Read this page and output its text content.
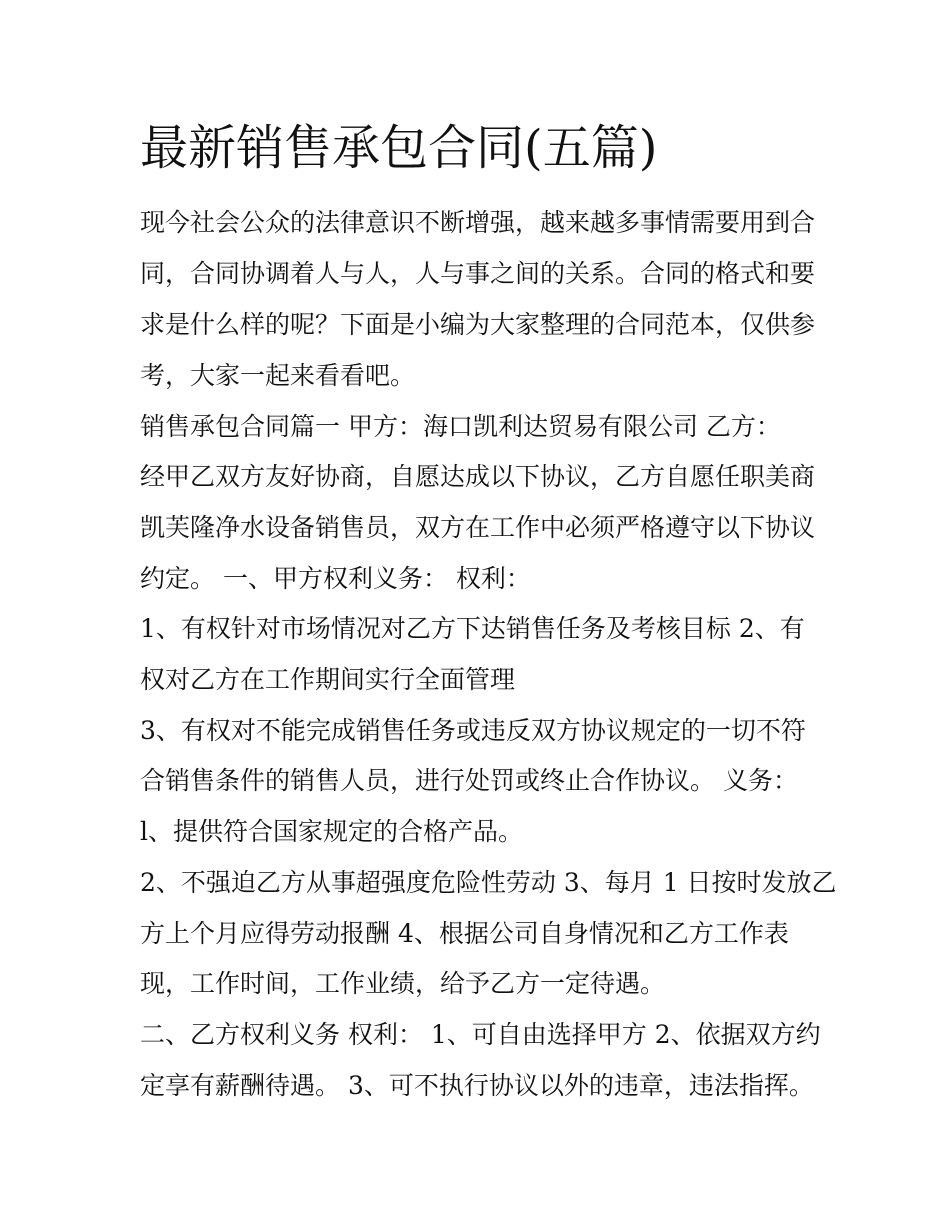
最新销售承包合同(五篇)

现今社会公众的法律意识不断增强，越来越多事情需要用到合

同，合同协调着人与人，人与事之间的关系。合同的格式和要

求是什么样的呢？下面是小编为大家整理的合同范本，仅供参

考，大家一起来看看吧。

销售承包合同篇一 甲方：海口凯利达贸易有限公司 乙方：

经甲乙双方友好协商，自愿达成以下协议，乙方自愿任职美商

凯芙隆净水设备销售员，双方在工作中必须严格遵守以下协议

约定。 一、甲方权利义务： 权利：

1、有权针对市场情况对乙方下达销售任务及考核目标 2、有

权对乙方在工作期间实行全面管理

3、有权对不能完成销售任务或违反双方协议规定的一切不符

合销售条件的销售人员，进行处罚或终止合作协议。 义务：

l、提供符合国家规定的合格产品。

2、不强迫乙方从事超强度危险性劳动 3、每月 1 日按时发放乙

方上个月应得劳动报酬 4、根据公司自身情况和乙方工作表

现，工作时间，工作业绩，给予乙方一定待遇。

二、乙方权利义务 权利： 1、可自由选择甲方 2、依据双方约

定享有薪酬待遇。 3、可不执行协议以外的违章，违法指挥。
